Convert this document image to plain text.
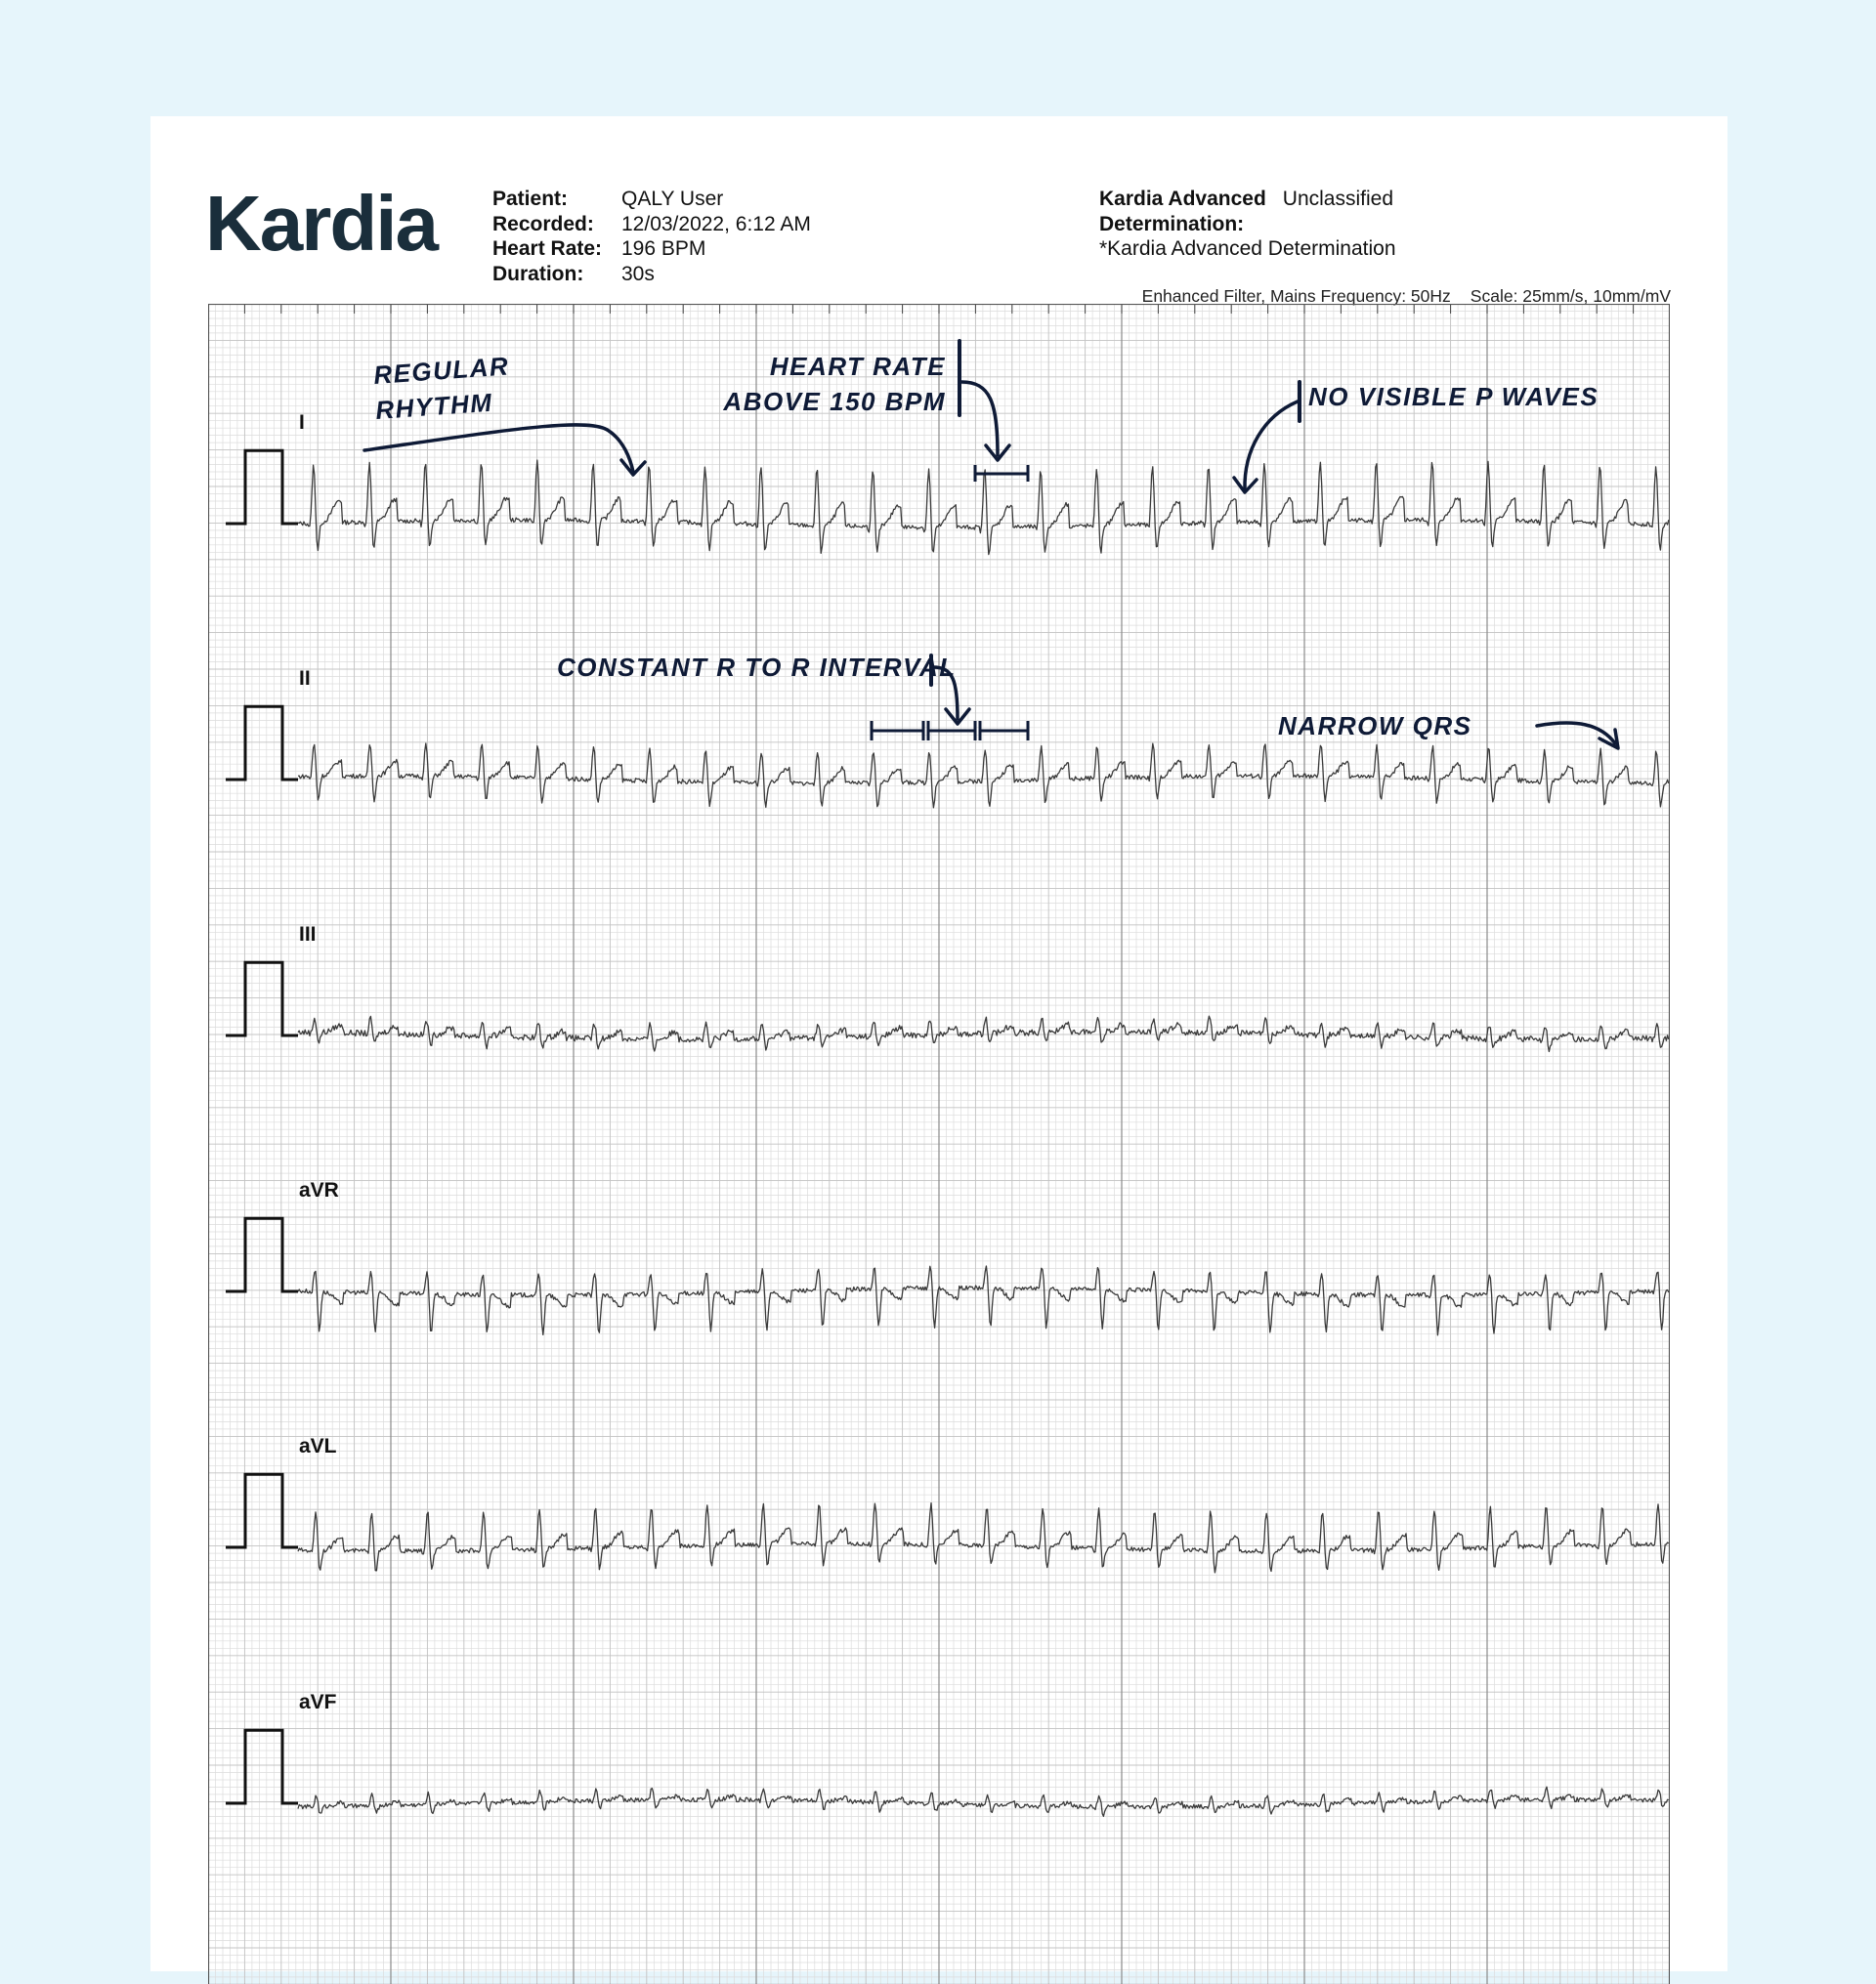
Kardia	Patient:	QALY User
Recorded:	12/03/2022, 6:12 AM
Heart Rate: 196 BPM
Duration:	30s
Kardia Advanced Unclassified
Determination:
*Kardia Advanced Determination
Enhanced Filter, Mains Frequency: 50Hz Scale: 25mm/s, 10mm/mV
I
II
III
aVR
aVL
aVF
REGULAR
RHYTHM
HEART RATE
ABOVE 150 BPM	NO VISIBLE P WAVES
CONSTANT R TO R INTERVAL
NARROW QRS
